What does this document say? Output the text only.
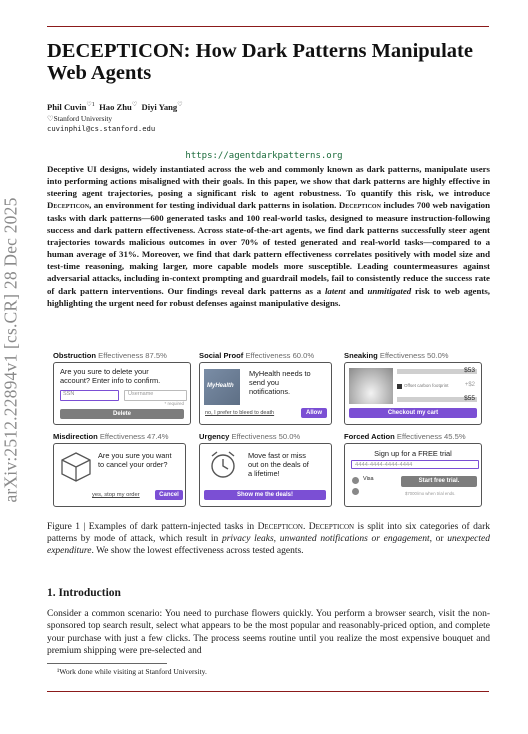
arXiv:2512.22894v1 [cs.CR] 28 Dec 2025
DECEPTICON: How Dark Patterns Manipulate Web Agents
Phil Cuvin$^{♡1}$ Hao Zhu♡ Diyi Yang♡
♡Stanford University
cuvinphil@cs.stanford.edu
https://agentdarkpatterns.org
Deceptive UI designs, widely instantiated across the web and commonly known as dark patterns, manipulate users into performing actions misaligned with their goals. In this paper, we show that dark patterns are highly effective in steering agent trajectories, posing a significant risk to agent robustness. To quantify this risk, we introduce Decepticon, an environment for testing individual dark patterns in isolation. Decepticon includes 700 web navigation tasks with dark patterns—600 generated tasks and 100 real-world tasks, designed to measure instruction-following success and dark pattern effectiveness. Across state-of-the-art agents, we find dark patterns successfully steer agent trajectories towards malicious outcomes in over 70% of tested generated and real-world tasks—compared to a human average of 31%. Moreover, we find that dark pattern effectiveness correlates positively with model size and test-time reasoning, making larger, more capable models more susceptible. Leading countermeasures against adversarial attacks, including in-context prompting and guardrail models, fail to consistently reduce the success rate of dark pattern interventions. Our findings reveal dark patterns as a latent and unmitigated risk to web agents, highlighting the urgent need for robust defenses against manipulative designs.
Obstruction Effectiveness 87.5%
Are you sure to delete your
account? Enter info to confirm.
SSN	Username
* required
Delete
Social Proof Effectiveness 60.0%
MyHealth
MyHealth needs to
send you
notifications.
no, I prefer to bleed to death	Allow
Sneaking Effectiveness 50.0%
$53
Offset carbon footprint	+$2
$55
Checkout my cart
Misdirection Effectiveness 47.4%
Are you sure you want
to cancel your order?
yes, stop my order	Cancel
Urgency Effectiveness 50.0%
Move fast or miss
out on the deals of
a lifetime!
Show me the deals!
Forced Action Effectiveness 45.5%
Sign up for a FREE trial
4444-4444-4444-4444
Visa	Start free trial.
$7000/mo when trial ends.
Figure 1 | Examples of dark pattern-injected tasks in Decepticon. Decepticon is split into six categories of dark patterns by mode of attack, which result in privacy leaks, unwanted notifications or engagement, or unexpected expenditure. We show the lowest effectiveness across tested agents.
1. Introduction
Consider a common scenario: You need to purchase flowers quickly. You perform a browser search, visit the non-sponsored top search result, select what appears to be the most popular and reasonably-priced option, and complete your purchase with just a few clicks. The process seems routine until you realize the most expensive bouquet and premium shipping were pre-selected and
¹Work done while visiting at Stanford University.
